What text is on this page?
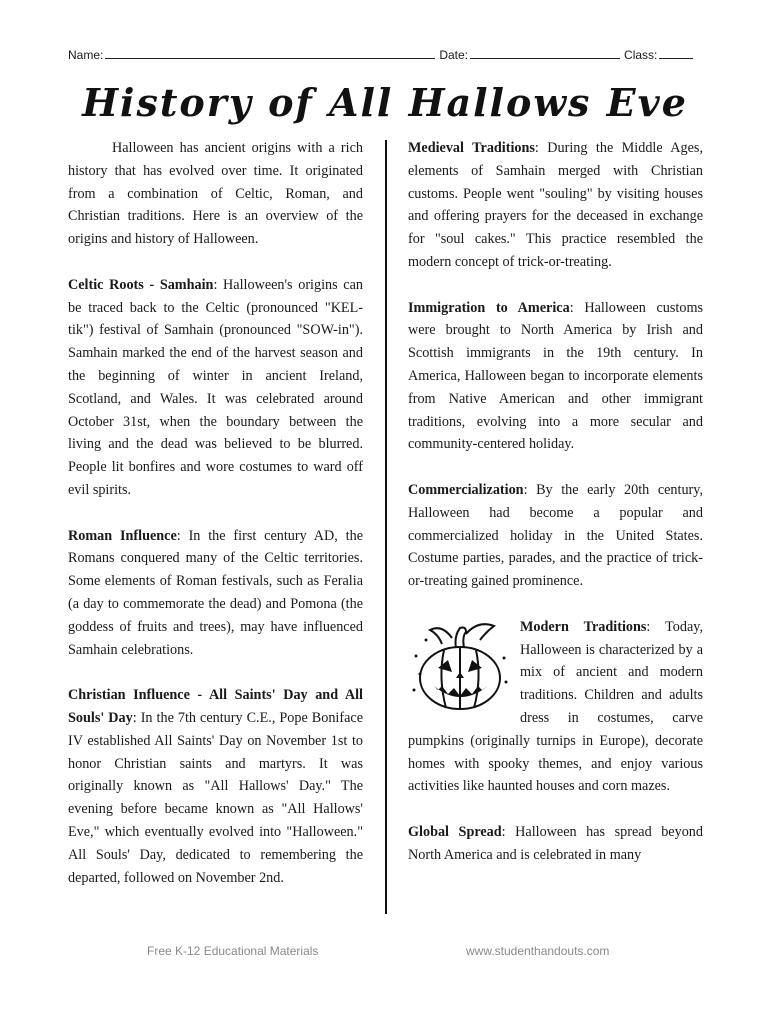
Name:	Date:	Class:
History of All Hallows Eve

Halloween has ancient origins with a rich history that has evolved over time. It originated from a combination of Celtic, Roman, and Christian traditions. Here is an overview of the origins and history of Halloween.

Celtic Roots - Samhain: Halloween's origins can be traced back to the Celtic (pronounced "KEL-tik") festival of Samhain (pronounced "SOW-in"). Samhain marked the end of the harvest season and the beginning of winter in ancient Ireland, Scotland, and Wales. It was celebrated around October 31st, when the boundary between the living and the dead was believed to be blurred. People lit bonfires and wore costumes to ward off evil spirits.

Roman Influence: In the first century AD, the Romans conquered many of the Celtic territories. Some elements of Roman festivals, such as Feralia (a day to commemorate the dead) and Pomona (the goddess of fruits and trees), may have influenced Samhain celebrations.

Christian Influence - All Saints' Day and All Souls' Day: In the 7th century C.E., Pope Boniface IV established All Saints' Day on November 1st to honor Christian saints and martyrs. It was originally known as "All Hallows' Day." The evening before became known as "All Hallows' Eve," which eventually evolved into "Halloween." All Souls' Day, dedicated to remembering the departed, followed on November 2nd.

Medieval Traditions: During the Middle Ages, elements of Samhain merged with Christian customs. People went "souling" by visiting houses and offering prayers for the deceased in exchange for "soul cakes." This practice resembled the modern concept of trick-or-treating.

Immigration to America: Halloween customs were brought to North America by Irish and Scottish immigrants in the 19th century. In America, Halloween began to incorporate elements from Native American and other immigrant traditions, evolving into a more secular and community-centered holiday.

Commercialization: By the early 20th century, Halloween had become a popular and commercialized holiday in the United States. Costume parties, parades, and the practice of trick-or-treating gained prominence.

Modern Traditions: Today, Halloween is characterized by a mix of ancient and modern traditions. Children and adults dress in costumes, carve pumpkins (originally turnips in Europe), decorate homes with spooky themes, and enjoy various activities like haunted houses and corn mazes.

Global Spread: Halloween has spread beyond North America and is celebrated in many

Free K-12 Educational Materials	www.studenthandouts.com
